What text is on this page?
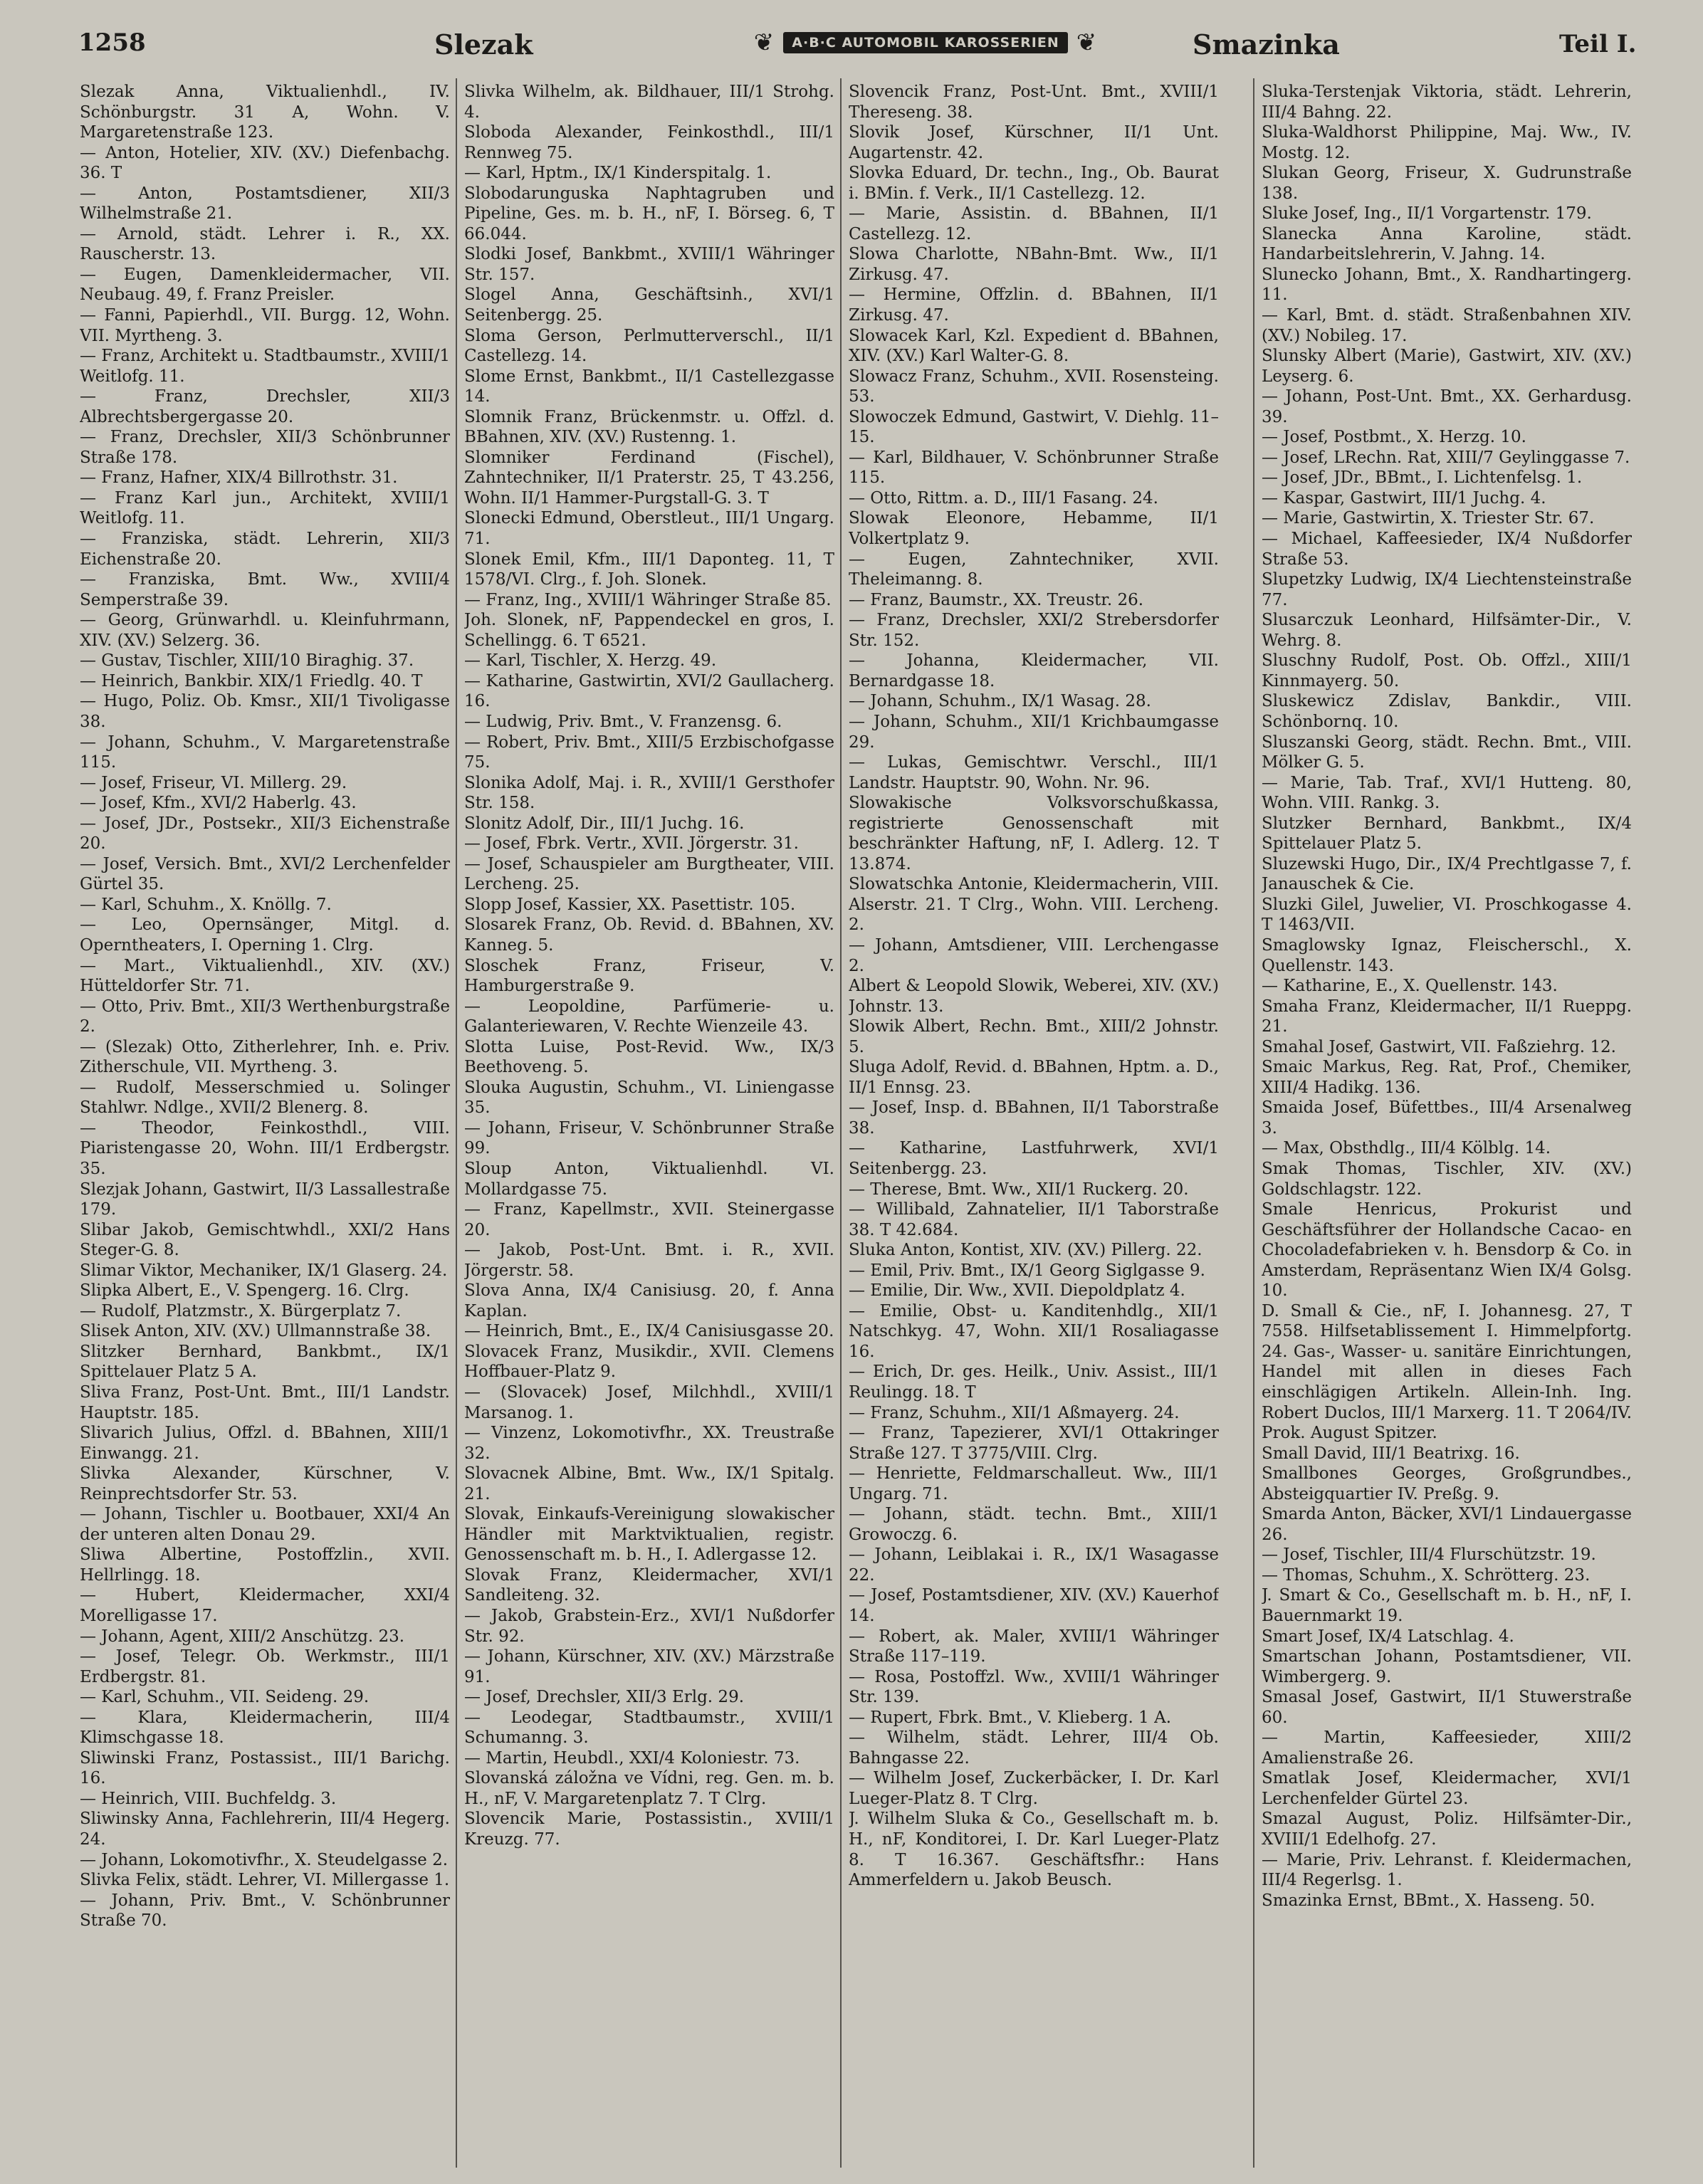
1258	Slezak	❦	A·B·C AUTOMOBIL KAROSSERIEN ❦	Smazinka	Teil I.

Slezak Anna, Viktualienhdl., IV. Schönburgstr. 31 A, Wohn. V. Margaretenstraße 123.

— Anton, Hotelier, XIV. (XV.) Diefenbachg. 36. T

— Anton, Postamtsdiener, XII/3 Wilhelmstraße 21.

— Arnold, städt. Lehrer i. R., XX. Rauscherstr. 13.

— Eugen, Damenkleidermacher, VII. Neubaug. 49, f. Franz Preisler.

— Fanni, Papierhdl., VII. Burgg. 12, Wohn. VII. Myrtheng. 3.

— Franz, Architekt u. Stadtbaumstr., XVIII/1 Weitlofg. 11.

— Franz, Drechsler, XII/3 Albrechtsbergergasse 20.

— Franz, Drechsler, XII/3 Schönbrunner Straße 178.

— Franz, Hafner, XIX/4 Billrothstr. 31.

— Franz Karl jun., Architekt, XVIII/1 Weitlofg. 11.

— Franziska, städt. Lehrerin, XII/3 Eichenstraße 20.

— Franziska, Bmt. Ww., XVIII/4 Semperstraße 39.

— Georg, Grünwarhdl. u. Kleinfuhrmann, XIV. (XV.) Selzerg. 36.

— Gustav, Tischler, XIII/10 Biraghig. 37.

— Heinrich, Bankbir. XIX/1 Friedlg. 40. T

— Hugo, Poliz. Ob. Kmsr., XII/1 Tivoligasse 38.

— Johann, Schuhm., V. Margaretenstraße 115.

— Josef, Friseur, VI. Millerg. 29.

— Josef, Kfm., XVI/2 Haberlg. 43.

— Josef, JDr., Postsekr., XII/3 Eichenstraße 20.

— Josef, Versich. Bmt., XVI/2 Lerchenfelder Gürtel 35.

— Karl, Schuhm., X. Knöllg. 7.

— Leo, Opernsänger, Mitgl. d. Operntheaters, I. Operning 1. Clrg.

— Mart., Viktualienhdl., XIV. (XV.) Hütteldorfer Str. 71.

— Otto, Priv. Bmt., XII/3 Werthenburgstraße 2.

— (Slezak) Otto, Zitherlehrer, Inh. e. Priv. Zitherschule, VII. Myrtheng. 3.

— Rudolf, Messerschmied u. Solinger Stahlwr. Ndlge., XVII/2 Blenerg. 8.

— Theodor, Feinkosthdl., VIII. Piaristengasse 20, Wohn. III/1 Erdbergstr. 35.

Slezjak Johann, Gastwirt, II/3 Lassallestraße 179.

Slibar Jakob, Gemischtwhdl., XXI/2 Hans Steger-G. 8.

Slimar Viktor, Mechaniker, IX/1 Glaserg. 24.

Slipka Albert, E., V. Spengerg. 16. Clrg.

— Rudolf, Platzmstr., X. Bürgerplatz 7.

Slisek Anton, XIV. (XV.) Ullmannstraße 38.

Slitzker Bernhard, Bankbmt., IX/1 Spittelauer Platz 5 A.

Sliva Franz, Post-Unt. Bmt., III/1 Landstr. Hauptstr. 185.

Slivarich Julius, Offzl. d. BBahnen, XIII/1 Einwangg. 21.

Slivka Alexander, Kürschner, V. Reinprechtsdorfer Str. 53.

— Johann, Tischler u. Bootbauer, XXI/4 An der unteren alten Donau 29.

Sliwa Albertine, Postoffzlin., XVII. Hellrlingg. 18.

— Hubert, Kleidermacher, XXI/4 Morelligasse 17.

— Johann, Agent, XIII/2 Anschützg. 23.

— Josef, Telegr. Ob. Werkmstr., III/1 Erdbergstr. 81.

— Karl, Schuhm., VII. Seideng. 29.

— Klara, Kleidermacherin, III/4 Klimschgasse 18.

Sliwinski Franz, Postassist., III/1 Barichg. 16.

— Heinrich, VIII. Buchfeldg. 3.

Sliwinsky Anna, Fachlehrerin, III/4 Hegerg. 24.

— Johann, Lokomotivfhr., X. Steudelgasse 2.

Slivka Felix, städt. Lehrer, VI. Millergasse 1.

— Johann, Priv. Bmt., V. Schönbrunner Straße 70.

Slivka Wilhelm, ak. Bildhauer, III/1 Strohg. 4.

Sloboda Alexander, Feinkosthdl., III/1 Rennweg 75.

— Karl, Hptm., IX/1 Kinderspitalg. 1.

Slobodarunguska Naphtagruben und Pipeline, Ges. m. b. H., nF, I. Börseg. 6, T 66.044.

Slodki Josef, Bankbmt., XVIII/1 Währinger Str. 157.

Slogel Anna, Geschäftsinh., XVI/1 Seitenbergg. 25.

Sloma Gerson, Perlmutterverschl., II/1 Castellezg. 14.

Slome Ernst, Bankbmt., II/1 Castellezgasse 14.

Slomnik Franz, Brückenmstr. u. Offzl. d. BBahnen, XIV. (XV.) Rustenng. 1.

Slomniker Ferdinand (Fischel), Zahntechniker, II/1 Praterstr. 25, T 43.256, Wohn. II/1 Hammer-Purgstall-G. 3. T

Slonecki Edmund, Oberstleut., III/1 Ungarg. 71.

Slonek Emil, Kfm., III/1 Daponteg. 11, T 1578/VI. Clrg., f. Joh. Slonek.

— Franz, Ing., XVIII/1 Währinger Straße 85.

Joh. Slonek, nF, Pappendeckel en gros, I. Schellingg. 6. T 6521.

— Karl, Tischler, X. Herzg. 49.

— Katharine, Gastwirtin, XVI/2 Gaullacherg. 16.

— Ludwig, Priv. Bmt., V. Franzensg. 6.

— Robert, Priv. Bmt., XIII/5 Erzbischofgasse 75.

Slonika Adolf, Maj. i. R., XVIII/1 Gersthofer Str. 158.

Slonitz Adolf, Dir., III/1 Juchg. 16.

— Josef, Fbrk. Vertr., XVII. Jörgerstr. 31.

— Josef, Schauspieler am Burgtheater, VIII. Lercheng. 25.

Slopp Josef, Kassier, XX. Pasettistr. 105.

Slosarek Franz, Ob. Revid. d. BBahnen, XV. Kanneg. 5.

Sloschek Franz, Friseur, V. Hamburgerstraße 9.

— Leopoldine, Parfümerie- u. Galanteriewaren, V. Rechte Wienzeile 43.

Slotta Luise, Post-Revid. Ww., IX/3 Beethoveng. 5.

Slouka Augustin, Schuhm., VI. Liniengasse 35.

— Johann, Friseur, V. Schönbrunner Straße 99.

Sloup Anton, Viktualienhdl. VI. Mollardgasse 75.

— Franz, Kapellmstr., XVII. Steinergasse 20.

— Jakob, Post-Unt. Bmt. i. R., XVII. Jörgerstr. 58.

Slova Anna, IX/4 Canisiusg. 20, f. Anna Kaplan.

— Heinrich, Bmt., E., IX/4 Canisiusgasse 20.

Slovacek Franz, Musikdir., XVII. Clemens Hoffbauer-Platz 9.

— (Slovacek) Josef, Milchhdl., XVIII/1 Marsanog. 1.

— Vinzenz, Lokomotivfhr., XX. Treustraße 32.

Slovacnek Albine, Bmt. Ww., IX/1 Spitalg. 21.

Slovak, Einkaufs-Vereinigung slowakischer Händler mit Marktviktualien, registr. Genossenschaft m. b. H., I. Adlergasse 12.

Slovak Franz, Kleidermacher, XVI/1 Sandleiteng. 32.

— Jakob, Grabstein-Erz., XVI/1 Nußdorfer Str. 92.

— Johann, Kürschner, XIV. (XV.) Märzstraße 91.

— Josef, Drechsler, XII/3 Erlg. 29.

— Leodegar, Stadtbaumstr., XVIII/1 Schumanng. 3.

— Martin, Heubdl., XXI/4 Koloniestr. 73.

Slovanská záložna ve Vídni, reg. Gen. m. b. H., nF, V. Margaretenplatz 7. T Clrg.

Slovencik Marie, Postassistin., XVIII/1 Kreuzg. 77.

Slovencik Franz, Post-Unt. Bmt., XVIII/1 Thereseng. 38.

Slovik Josef, Kürschner, II/1 Unt. Augartenstr. 42.

Slovka Eduard, Dr. techn., Ing., Ob. Baurat i. BMin. f. Verk., II/1 Castellezg. 12.

— Marie, Assistin. d. BBahnen, II/1 Castellezg. 12.

Slowa Charlotte, NBahn-Bmt. Ww., II/1 Zirkusg. 47.

— Hermine, Offzlin. d. BBahnen, II/1 Zirkusg. 47.

Slowacek Karl, Kzl. Expedient d. BBahnen, XIV. (XV.) Karl Walter-G. 8.

Slowacz Franz, Schuhm., XVII. Rosensteing. 53.

Slowoczek Edmund, Gastwirt, V. Diehlg. 11–15.

— Karl, Bildhauer, V. Schönbrunner Straße 115.

— Otto, Rittm. a. D., III/1 Fasang. 24.

Slowak Eleonore, Hebamme, II/1 Volkertplatz 9.

— Eugen, Zahntechniker, XVII. Theleimanng. 8.

— Franz, Baumstr., XX. Treustr. 26.

— Franz, Drechsler, XXI/2 Strebersdorfer Str. 152.

— Johanna, Kleidermacher, VII. Bernardgasse 18.

— Johann, Schuhm., IX/1 Wasag. 28.

— Johann, Schuhm., XII/1 Krichbaumgasse 29.

— Lukas, Gemischtwr. Verschl., III/1 Landstr. Hauptstr. 90, Wohn. Nr. 96.

Slowakische Volksvorschußkassa, registrierte Genossenschaft mit beschränkter Haftung, nF, I. Adlerg. 12. T 13.874.

Slowatschka Antonie, Kleidermacherin, VIII. Alserstr. 21. T Clrg., Wohn. VIII. Lercheng. 2.

— Johann, Amtsdiener, VIII. Lerchengasse 2.

Albert & Leopold Slowik, Weberei, XIV. (XV.) Johnstr. 13.

Slowik Albert, Rechn. Bmt., XIII/2 Johnstr. 5.

Sluga Adolf, Revid. d. BBahnen, Hptm. a. D., II/1 Ennsg. 23.

— Josef, Insp. d. BBahnen, II/1 Taborstraße 38.

— Katharine, Lastfuhrwerk, XVI/1 Seitenbergg. 23.

— Therese, Bmt. Ww., XII/1 Ruckerg. 20.

— Willibald, Zahnatelier, II/1 Taborstraße 38. T 42.684.

Sluka Anton, Kontist, XIV. (XV.) Pillerg. 22.

— Emil, Priv. Bmt., IX/1 Georg Siglgasse 9.

— Emilie, Dir. Ww., XVII. Diepoldplatz 4.

— Emilie, Obst- u. Kanditenhdlg., XII/1 Natschkyg. 47, Wohn. XII/1 Rosaliagasse 16.

— Erich, Dr. ges. Heilk., Univ. Assist., III/1 Reulingg. 18. T

— Franz, Schuhm., XII/1 Aßmayerg. 24.

— Franz, Tapezierer, XVI/1 Ottakringer Straße 127. T 3775/VIII. Clrg.

— Henriette, Feldmarschalleut. Ww., III/1 Ungarg. 71.

— Johann, städt. techn. Bmt., XIII/1 Growoczg. 6.

— Johann, Leiblakai i. R., IX/1 Wasagasse 22.

— Josef, Postamtsdiener, XIV. (XV.) Kauerhof 14.

— Robert, ak. Maler, XVIII/1 Währinger Straße 117–119.

— Rosa, Postoffzl. Ww., XVIII/1 Währinger Str. 139.

— Rupert, Fbrk. Bmt., V. Klieberg. 1 A.

— Wilhelm, städt. Lehrer, III/4 Ob. Bahngasse 22.

— Wilhelm Josef, Zuckerbäcker, I. Dr. Karl Lueger-Platz 8. T Clrg.

J. Wilhelm Sluka & Co., Gesellschaft m. b. H., nF, Konditorei, I. Dr. Karl Lueger-Platz 8. T 16.367. Geschäftsfhr.: Hans Ammerfeldern u. Jakob Beusch.

Sluka-Terstenjak Viktoria, städt. Lehrerin, III/4 Bahng. 22.

Sluka-Waldhorst Philippine, Maj. Ww., IV. Mostg. 12.

Slukan Georg, Friseur, X. Gudrunstraße 138.

Sluke Josef, Ing., II/1 Vorgartenstr. 179.

Slanecka Anna Karoline, städt. Handarbeitslehrerin, V. Jahng. 14.

Slunecko Johann, Bmt., X. Randhartingerg. 11.

— Karl, Bmt. d. städt. Straßenbahnen XIV. (XV.) Nobileg. 17.

Slunsky Albert (Marie), Gastwirt, XIV. (XV.) Leyserg. 6.

— Johann, Post-Unt. Bmt., XX. Gerhardusg. 39.

— Josef, Postbmt., X. Herzg. 10.

— Josef, LRechn. Rat, XIII/7 Geylinggasse 7.

— Josef, JDr., BBmt., I. Lichtenfelsg. 1.

— Kaspar, Gastwirt, III/1 Juchg. 4.

— Marie, Gastwirtin, X. Triester Str. 67.

— Michael, Kaffeesieder, IX/4 Nußdorfer Straße 53.

Slupetzky Ludwig, IX/4 Liechtensteinstraße 77.

Slusarczuk Leonhard, Hilfsämter-Dir., V. Wehrg. 8.

Sluschny Rudolf, Post. Ob. Offzl., XIII/1 Kinnmayerg. 50.

Sluskewicz Zdislav, Bankdir., VIII. Schönbornq. 10.

Sluszanski Georg, städt. Rechn. Bmt., VIII. Mölker G. 5.

— Marie, Tab. Traf., XVI/1 Hutteng. 80, Wohn. VIII. Rankg. 3.

Slutzker Bernhard, Bankbmt., IX/4 Spittelauer Platz 5.

Sluzewski Hugo, Dir., IX/4 Prechtlgasse 7, f. Janauschek & Cie.

Sluzki Gilel, Juwelier, VI. Proschkogasse 4. T 1463/VII.

Smaglowsky Ignaz, Fleischerschl., X. Quellenstr. 143.

— Katharine, E., X. Quellenstr. 143.

Smaha Franz, Kleidermacher, II/1 Rueppg. 21.

Smahal Josef, Gastwirt, VII. Faßziehrg. 12.

Smaic Markus, Reg. Rat, Prof., Chemiker, XIII/4 Hadikg. 136.

Smaida Josef, Büfettbes., III/4 Arsenalweg 3.

— Max, Obsthdlg., III/4 Kölblg. 14.

Smak Thomas, Tischler, XIV. (XV.) Goldschlagstr. 122.

Smale Henricus, Prokurist und Geschäftsführer der Hollandsche Cacao- en Chocoladefabrieken v. h. Bensdorp & Co. in Amsterdam, Repräsentanz Wien IX/4 Golsg. 10.

D. Small & Cie., nF, I. Johannesg. 27, T 7558. Hilfsetablissement I. Himmelpfortg. 24. Gas-, Wasser- u. sanitäre Einrichtungen, Handel mit allen in dieses Fach einschlägigen Artikeln. Allein-Inh. Ing. Robert Duclos, III/1 Marxerg. 11. T 2064/IV. Prok. August Spitzer.

Small David, III/1 Beatrixg. 16.

Smallbones Georges, Großgrundbes., Absteigquartier IV. Preßg. 9.

Smarda Anton, Bäcker, XVI/1 Lindauergasse 26.

— Josef, Tischler, III/4 Flurschützstr. 19.

— Thomas, Schuhm., X. Schrötterg. 23.

J. Smart & Co., Gesellschaft m. b. H., nF, I. Bauernmarkt 19.

Smart Josef, IX/4 Latschlag. 4.

Smartschan Johann, Postamtsdiener, VII. Wimbergerg. 9.

Smasal Josef, Gastwirt, II/1 Stuwerstraße 60.

— Martin, Kaffeesieder, XIII/2 Amalienstraße 26.

Smatlak Josef, Kleidermacher, XVI/1 Lerchenfelder Gürtel 23.

Smazal August, Poliz. Hilfsämter-Dir., XVIII/1 Edelhofg. 27.

— Marie, Priv. Lehranst. f. Kleidermachen, III/4 Regerlsg. 1.

Smazinka Ernst, BBmt., X. Hasseng. 50.
